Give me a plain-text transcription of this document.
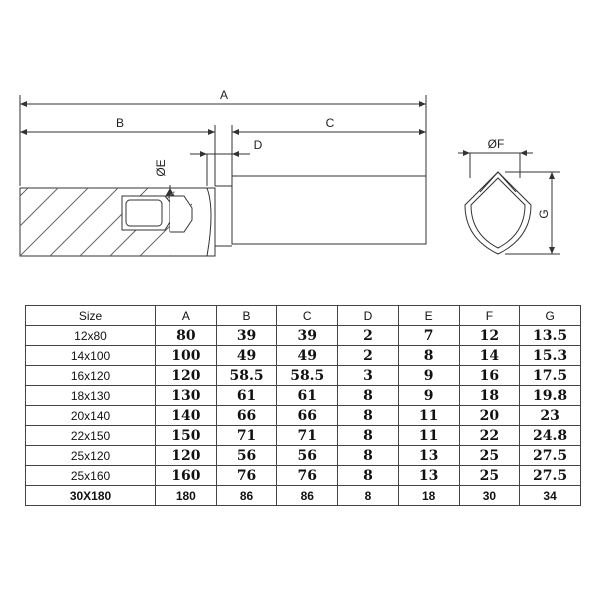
A
B	C
D
ØE
ØF
G
Size	A	B	C	D	E	F	G
12x80	80	39	39	2	7	12	13.5
14x100	100	49	49	2	8	14	15.3
16x120	120	58.5	58.5	3	9	16	17.5
18x130	130	61	61	8	9	18	19.8
20x140	140	66	66	8	11	20	23
22x150	150	71	71	8	11	22	24.8
25x120	120	56	56	8	13	25	27.5
25x160	160	76	76	8	13	25	27.5
30X180	180	86	86	8	18	30	34
